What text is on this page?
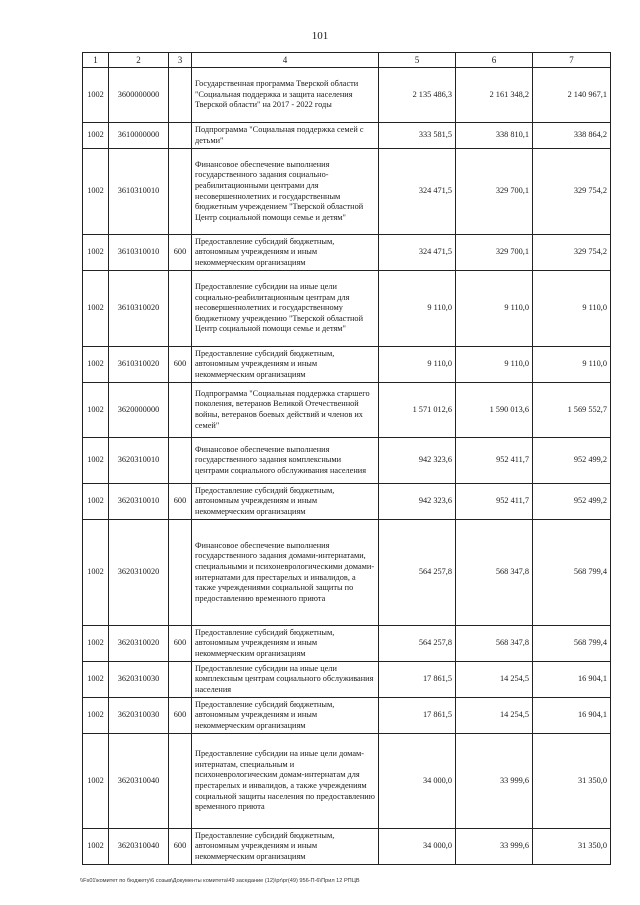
101
1	2	3	4	5	6	7
1002	3600000000		Государственная программа Тверской области "Социальная поддержка и защита населения Тверской области" на 2017 - 2022 годы	2 135 486,3	2 161 348,2	2 140 967,1
1002	3610000000		Подпрограмма "Социальная поддержка семей с детьми"	333 581,5	338 810,1	338 864,2
1002	3610310010		Финансовое обеспечение выполнения государственного задания социально-реабилитационными центрами для несовершеннолетних и государственным бюджетным учреждением "Тверской областной Центр социальной помощи семье и детям"	324 471,5	329 700,1	329 754,2
1002	3610310010	600	Предоставление субсидий бюджетным, автономным учреждениям и иным некоммерческим организациям	324 471,5	329 700,1	329 754,2
1002	3610310020		Предоставление субсидии на иные цели социально-реабилитационным центрам для несовершеннолетних и государственному бюджетному учреждению "Тверской областной Центр социальной помощи семье и детям"	9 110,0	9 110,0	9 110,0
1002	3610310020	600	Предоставление субсидий бюджетным, автономным учреждениям и иным некоммерческим организациям	9 110,0	9 110,0	9 110,0
1002	3620000000		Подпрограмма "Социальная поддержка старшего поколения, ветеранов Великой Отечественной войны, ветеранов боевых действий и членов их семей"	1 571 012,6	1 590 013,6	1 569 552,7
1002	3620310010		Финансовое обеспечение выполнения государственного задания комплексными центрами социального обслуживания населения	942 323,6	952 411,7	952 499,2
1002	3620310010	600	Предоставление субсидий бюджетным, автономным учреждениям и иным некоммерческим организациям	942 323,6	952 411,7	952 499,2
1002	3620310020		Финансовое обеспечение выполнения государственного задания домами-интернатами, специальными и психоневрологическими домами-интернатами для престарелых и инвалидов, а также учреждениями социальной защиты по предоставлению временного приюта	564 257,8	568 347,8	568 799,4
1002	3620310020	600	Предоставление субсидий бюджетным, автономным учреждениям и иным некоммерческим организациям	564 257,8	568 347,8	568 799,4
1002	3620310030		Предоставление субсидии на иные цели комплексным центрам социального обслуживания населения	17 861,5	14 254,5	16 904,1
1002	3620310030	600	Предоставление субсидий бюджетным, автономным учреждениям и иным некоммерческим организациям	17 861,5	14 254,5	16 904,1
1002	3620310040		Предоставление субсидии на иные цели домам-интернатам, специальным и психоневрологическим домам-интернатам для престарелых и инвалидов, а также учреждениям социальной защиты населения по предоставлению временного приюта	34 000,0	33 999,6	31 350,0
1002	3620310040	600	Предоставление субсидий бюджетным, автономным учреждениям и иным некоммерческим организациям	34 000,0	33 999,6	31 350,0
\\Fs01\комитет по бюджету\6 созыв\Документы комитета\49 заседание (12)\pr\pr(49) 956-П-6\Прил 12 РПЦВ
